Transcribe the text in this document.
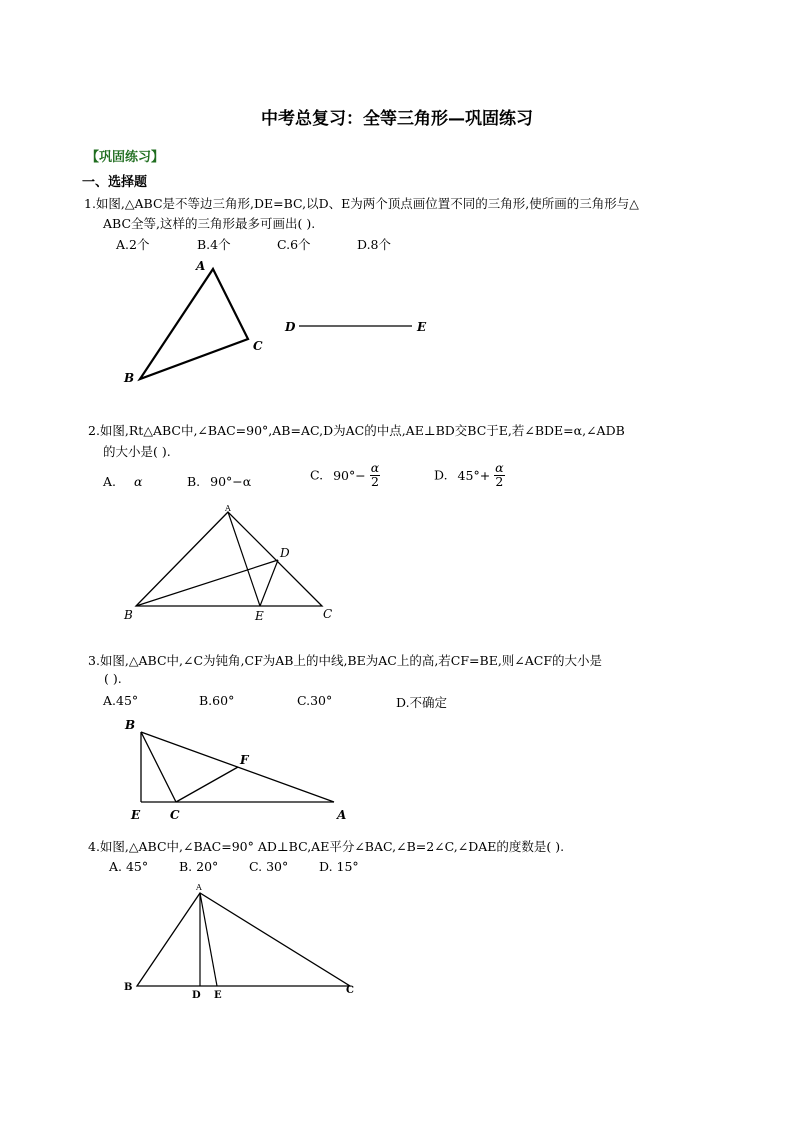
中考总复习：全等三角形—巩固练习
【巩固练习】
一、选择题
1.如图,△ABC是不等边三角形,DE=BC,以D、E为两个顶点画位置不同的三角形,使所画的三角形与△
ABC全等,这样的三角形最多可画出( ).
A.2个	B.4个	C.6个	D.8个
A
B
C
D	E
2.如图,Rt△ABC中,∠BAC=90°,AB=AC,D为AC的中点,AE⊥BD交BC于E,若∠BDE=α,∠ADB
的大小是( ).
A. α	B. 90°−α	C. $90^\circ- \frac{\alpha}{2}$	D. $45^\circ+ \frac{\alpha}{2}$
A
B	C
D
E
3.如图,△ABC中,∠C为钝角,CF为AB上的中线,BE为AC上的高,若CF=BE,则∠ACF的大小是
( ).
A.45°	B.60°	C.30°	D.不确定
B
E C
F
A
4.如图,△ABC中,∠BAC=90° AD⊥BC,AE平分∠BAC,∠B=2∠C,∠DAE的度数是( ).
A. 45° B. 20° C. 30° D. 15°
A
B
D E	C
